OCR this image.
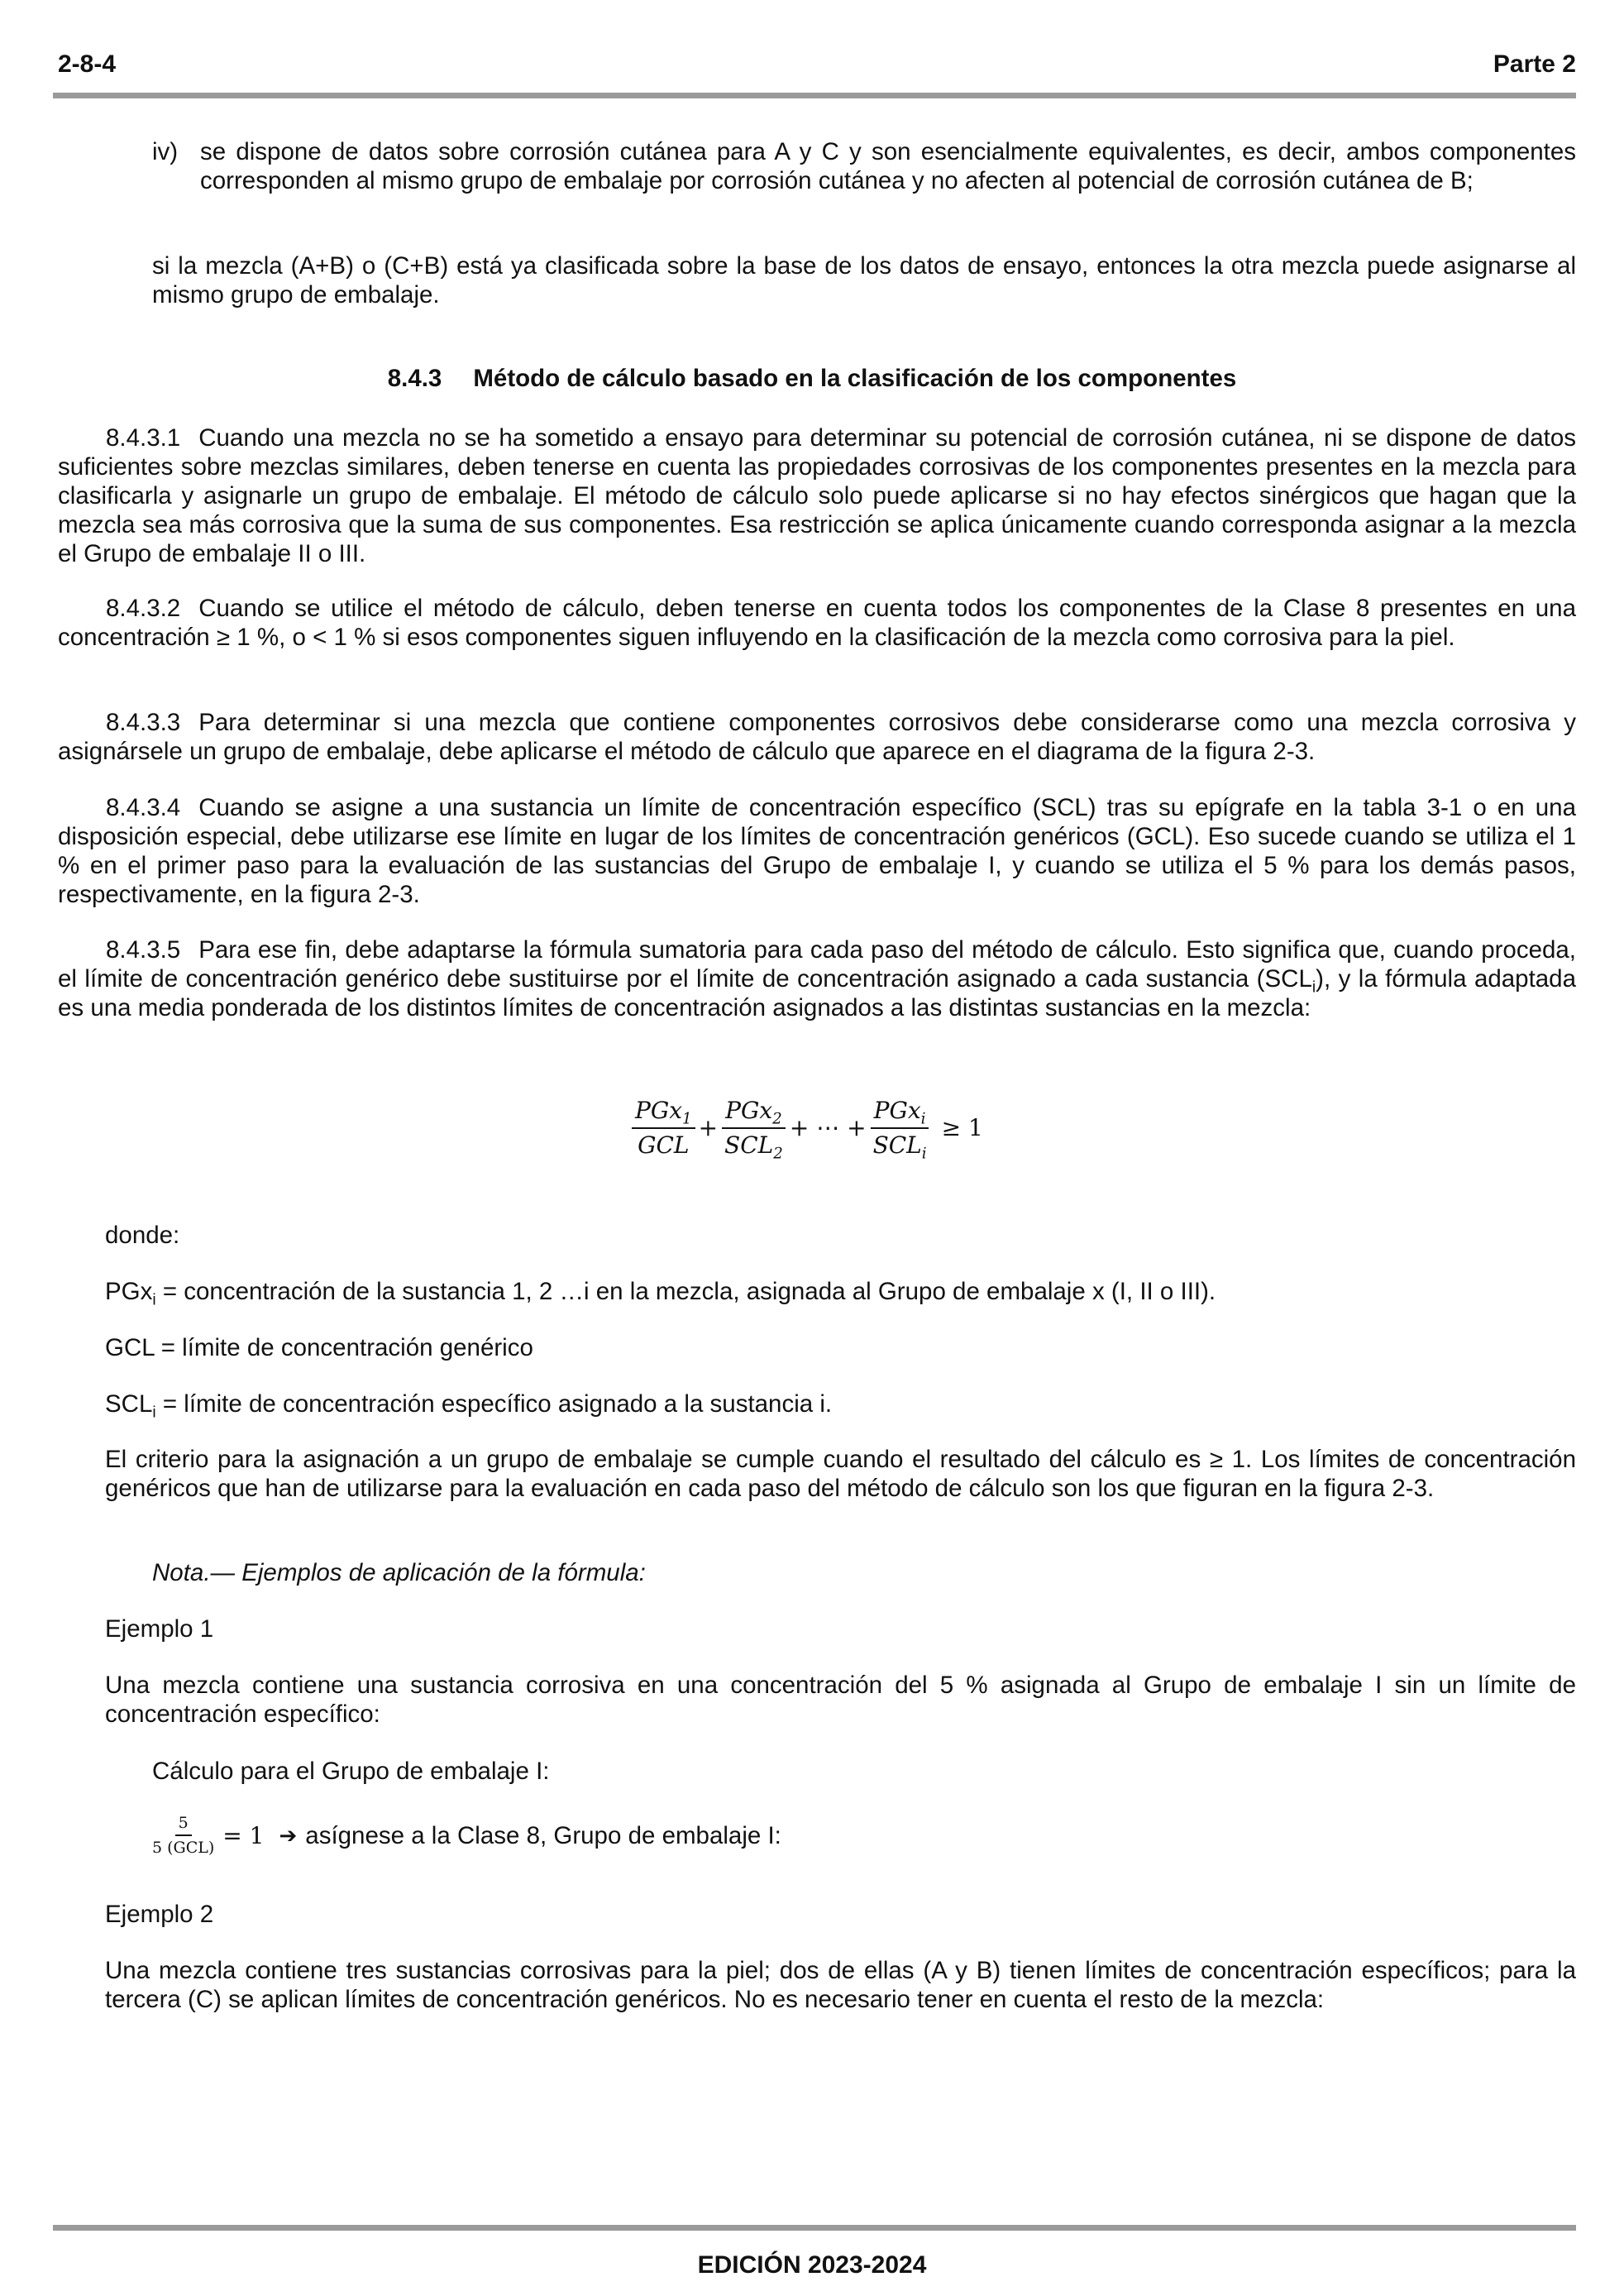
2-8-4	Parte 2
iv) se dispone de datos sobre corrosión cutánea para A y C y son esencialmente equivalentes, es decir, ambos componentes corresponden al mismo grupo de embalaje por corrosión cutánea y no afecten al potencial de corrosión cutánea de B;
si la mezcla (A+B) o (C+B) está ya clasificada sobre la base de los datos de ensayo, entonces la otra mezcla puede asignarse al mismo grupo de embalaje.
8.4.3 Método de cálculo basado en la clasificación de los componentes
8.4.3.1 Cuando una mezcla no se ha sometido a ensayo para determinar su potencial de corrosión cutánea, ni se dispone de datos suficientes sobre mezclas similares, deben tenerse en cuenta las propiedades corrosivas de los componentes presentes en la mezcla para clasificarla y asignarle un grupo de embalaje. El método de cálculo solo puede aplicarse si no hay efectos sinérgicos que hagan que la mezcla sea más corrosiva que la suma de sus componentes. Esa restricción se aplica únicamente cuando corresponda asignar a la mezcla el Grupo de embalaje II o III.
8.4.3.2 Cuando se utilice el método de cálculo, deben tenerse en cuenta todos los componentes de la Clase 8 presentes en una concentración ≥ 1 %, o < 1 % si esos componentes siguen influyendo en la clasificación de la mezcla como corrosiva para la piel.
8.4.3.3 Para determinar si una mezcla que contiene componentes corrosivos debe considerarse como una mezcla corrosiva y asignársele un grupo de embalaje, debe aplicarse el método de cálculo que aparece en el diagrama de la figura 2-3.
8.4.3.4 Cuando se asigne a una sustancia un límite de concentración específico (SCL) tras su epígrafe en la tabla 3-1 o en una disposición especial, debe utilizarse ese límite en lugar de los límites de concentración genéricos (GCL). Eso sucede cuando se utiliza el 1 % en el primer paso para la evaluación de las sustancias del Grupo de embalaje I, y cuando se utiliza el 5 % para los demás pasos, respectivamente, en la figura 2-3.
8.4.3.5 Para ese fin, debe adaptarse la fórmula sumatoria para cada paso del método de cálculo. Esto significa que, cuando proceda, el límite de concentración genérico debe sustituirse por el límite de concentración asignado a cada sustancia $(SCL_i)$, y la fórmula adaptada es una media ponderada de los distintos límites de concentración asignados a las distintas sustancias en la mezcla:
$\frac{PGx_1}{\text{GCL}} + \frac{PGx_2}{SCL_2}$ + ⋯ + $\frac{PGx_i}{SCL_i} \ge 1$
donde:
PGx$_i$ = concentración de la sustancia 1, 2 …i en la mezcla, asignada al Grupo de embalaje x (I, II o III).
GCL = límite de concentración genérico
$SCL_i$ = límite de concentración específico asignado a la sustancia i.
El criterio para la asignación a un grupo de embalaje se cumple cuando el resultado del cálculo es ≥ 1. Los límites de concentración genéricos que han de utilizarse para la evaluación en cada paso del método de cálculo son los que figuran en la figura 2-3.
Nota.— Ejemplos de aplicación de la fórmula:
Ejemplo 1
Una mezcla contiene una sustancia corrosiva en una concentración del 5 % asignada al Grupo de embalaje I sin un límite de concentración específico:
Cálculo para el Grupo de embalaje I:
$\frac{5}{\text{5 (GCL)}} = 1$ ➔ asígnese a la Clase 8, Grupo de embalaje I:
Ejemplo 2
Una mezcla contiene tres sustancias corrosivas para la piel; dos de ellas (A y B) tienen límites de concentración específicos; para la tercera (C) se aplican límites de concentración genéricos. No es necesario tener en cuenta el resto de la mezcla:
EDICIÓN 2023-2024
